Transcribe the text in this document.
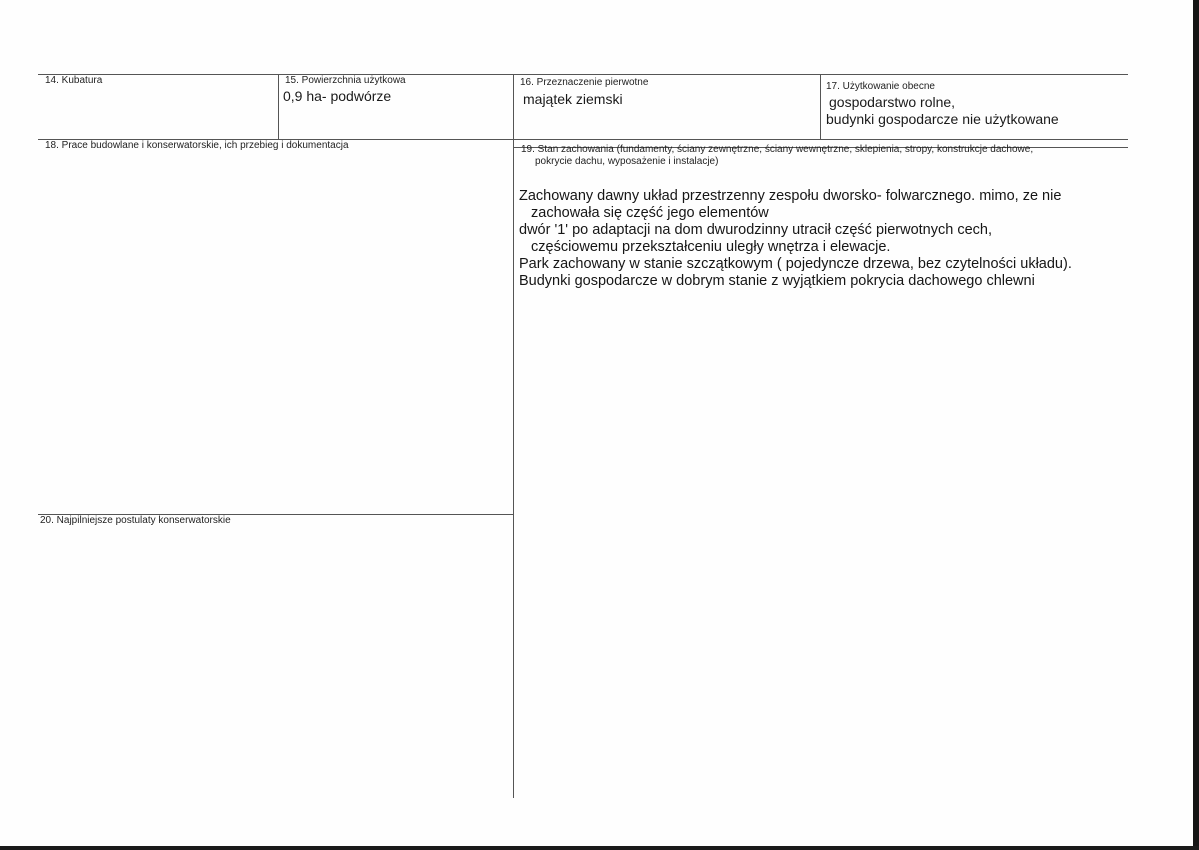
14. Kubatura	15. Powierzchnia użytkowa
0,9 ha- podwórze
16. Przeznaczenie pierwotne
majątek ziemski
17. Użytkowanie obecne
gospodarstwo rolne,
budynki gospodarcze nie użytkowane
18. Prace budowlane i konserwatorskie, ich przebieg i dokumentacja	19. Stan zachowania (fundamenty, ściany zewnętrzne, ściany wewnętrzne, sklepienia, stropy, konstrukcje dachowe,
pokrycie dachu, wyposażenie i instalacje)
Zachowany dawny układ przestrzenny zespołu dworsko- folwarcznego. mimo, ze nie
zachowała się część jego elementów
dwór '1' po adaptacji na dom dwurodzinny utracił część pierwotnych cech,
częściowemu przekształceniu uległy wnętrza i elewacje.
Park zachowany w stanie szczątkowym ( pojedyncze drzewa, bez czytelności układu).
Budynki gospodarcze w dobrym stanie z wyjątkiem pokrycia dachowego chlewni
20. Najpilniejsze postulaty konserwatorskie
